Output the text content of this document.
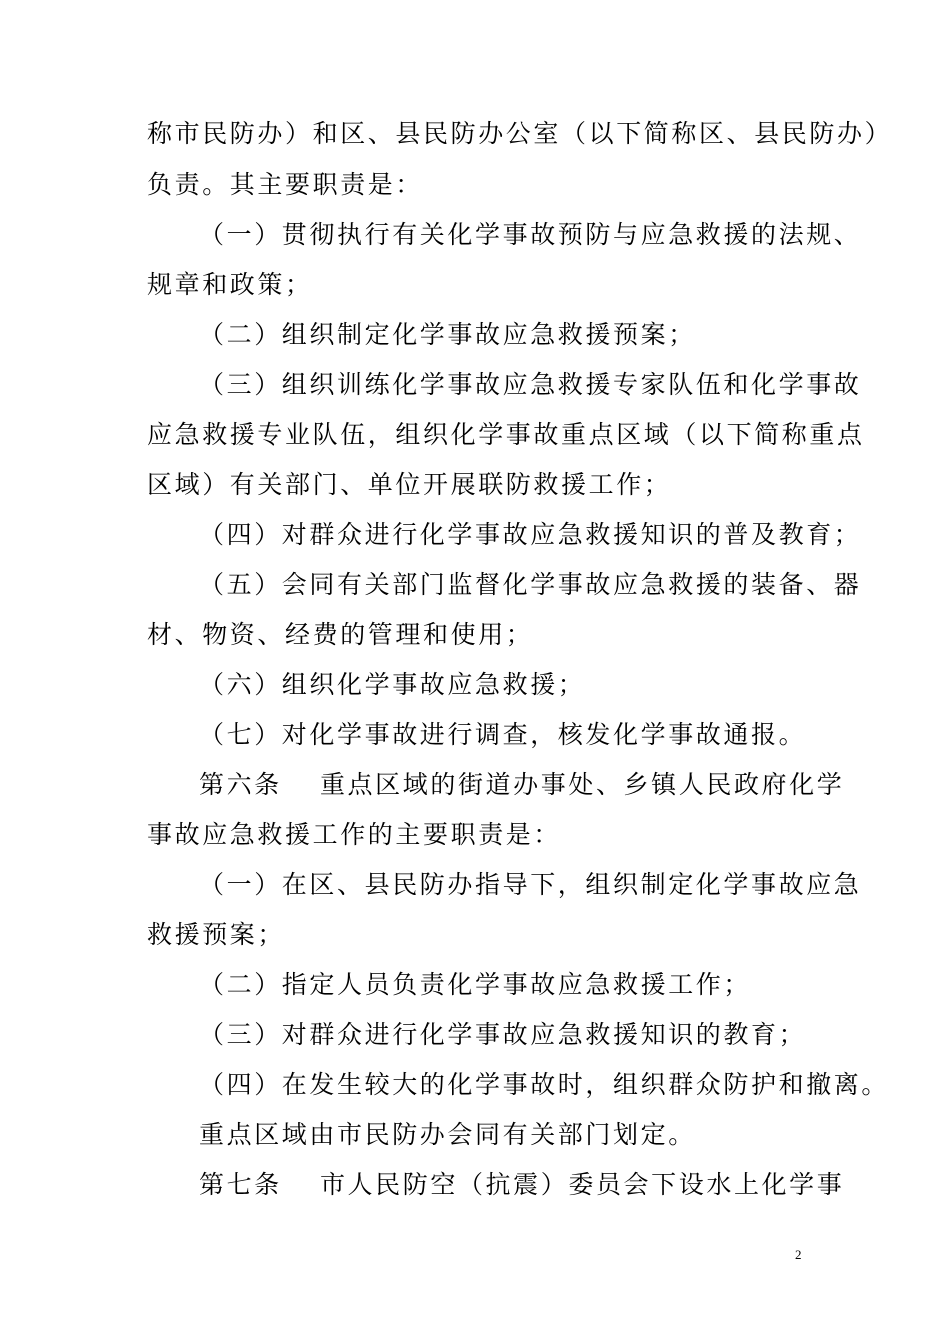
称市民防办）和区、县民防办公室（以下简称区、县民防办）
负责。其主要职责是：
（一）贯彻执行有关化学事故预防与应急救援的法规、
规章和政策；
（二）组织制定化学事故应急救援预案；
（三）组织训练化学事故应急救援专家队伍和化学事故
应急救援专业队伍，组织化学事故重点区域（以下简称重点
区域）有关部门、单位开展联防救援工作；
（四）对群众进行化学事故应急救援知识的普及教育；
（五）会同有关部门监督化学事故应急救援的装备、器
材、物资、经费的管理和使用；
（六）组织化学事故应急救援；
（七）对化学事故进行调查，核发化学事故通报。
第六条　 重点区域的街道办事处、乡镇人民政府化学
事故应急救援工作的主要职责是：
（一）在区、县民防办指导下，组织制定化学事故应急
救援预案；
（二）指定人员负责化学事故应急救援工作；
（三）对群众进行化学事故应急救援知识的教育；
（四）在发生较大的化学事故时，组织群众防护和撤离。
重点区域由市民防办会同有关部门划定。
第七条　 市人民防空（抗震）委员会下设水上化学事
2
